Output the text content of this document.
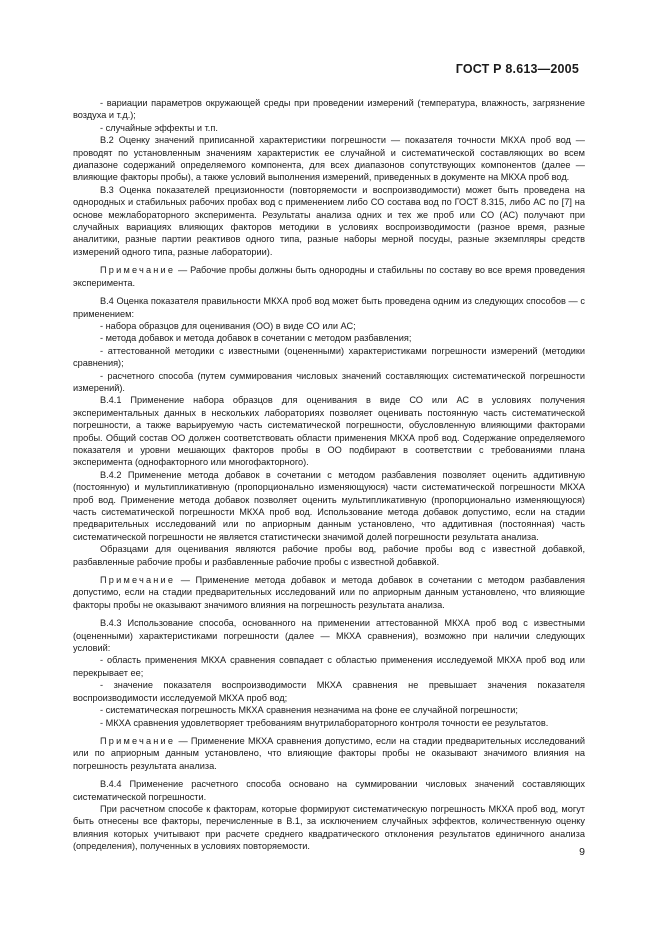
ГОСТ Р 8.613—2005

- вариации параметров окружающей среды при проведении измерений (температура, влажность, загрязнение воздуха и т.д.);

- случайные эффекты и т.п.

В.2 Оценку значений приписанной характеристики погрешности — показателя точности МКХА проб вод — проводят по установленным значениям характеристик ее случайной и систематической составляющих во всем диапазоне содержаний определяемого компонента, для всех диапазонов сопутствующих компонентов (далее — влияющие факторы пробы), а также условий выполнения измерений, приведенных в документе на МКХА проб вод.

В.3 Оценка показателей прецизионности (повторяемости и воспроизводимости) может быть проведена на однородных и стабильных рабочих пробах вод с применением либо СО состава вод по ГОСТ 8.315, либо АС по [7] на основе межлабораторного эксперимента. Результаты анализа одних и тех же проб или СО (АС) получают при случайных вариациях влияющих факторов методики в условиях воспроизводимости (разное время, разные аналитики, разные партии реактивов одного типа, разные наборы мерной посуды, разные экземпляры средств измерений одного типа, разные лаборатории).

Примечание — Рабочие пробы должны быть однородны и стабильны по составу во все время проведения эксперимента.

В.4 Оценка показателя правильности МКХА проб вод может быть проведена одним из следующих способов — с применением:

- набора образцов для оценивания (ОО) в виде СО или АС;

- метода добавок и метода добавок в сочетании с методом разбавления;

- аттестованной методики с известными (оцененными) характеристиками погрешности измерений (методики сравнения);

- расчетного способа (путем суммирования числовых значений составляющих систематической погрешности измерений).

В.4.1 Применение набора образцов для оценивания в виде СО или АС в условиях получения экспериментальных данных в нескольких лабораториях позволяет оценивать постоянную часть систематической погрешности, а также варьируемую часть систематической погрешности, обусловленную влияющими факторами пробы. Общий состав ОО должен соответствовать области применения МКХА проб вод. Содержание определяемого показателя и уровни мешающих факторов пробы в ОО подбирают в соответствии с требованиями плана эксперимента (однофакторного или многофакторного).

В.4.2 Применение метода добавок в сочетании с методом разбавления позволяет оценить аддитивную (постоянную) и мультипликативную (пропорционально изменяющуюся) части систематической погрешности МКХА проб вод. Применение метода добавок позволяет оценить мультипликативную (пропорционально изменяющуюся) часть систематической погрешности МКХА проб вод. Использование метода добавок допустимо, если на стадии предварительных исследований или по априорным данным установлено, что аддитивная (постоянная) часть систематической погрешности не является статистически значимой долей погрешности результата анализа.

Образцами для оценивания являются рабочие пробы вод, рабочие пробы вод с известной добавкой, разбавленные рабочие пробы и разбавленные рабочие пробы с известной добавкой.

Примечание — Применение метода добавок и метода добавок в сочетании с методом разбавления допустимо, если на стадии предварительных исследований или по априорным данным установлено, что влияющие факторы пробы не оказывают значимого влияния на погрешность результата анализа.

В.4.3 Использование способа, основанного на применении аттестованной МКХА проб вод с известными (оцененными) характеристиками погрешности (далее — МКХА сравнения), возможно при наличии следующих условий:

- область применения МКХА сравнения совпадает с областью применения исследуемой МКХА проб вод или перекрывает ее;

- значение показателя воспроизводимости МКХА сравнения не превышает значения показателя воспроизводимости исследуемой МКХА проб вод;

- систематическая погрешность МКХА сравнения незначима на фоне ее случайной погрешности;

- МКХА сравнения удовлетворяет требованиям внутрилабораторного контроля точности ее результатов.

Примечание — Применение МКХА сравнения допустимо, если на стадии предварительных исследований или по априорным данным установлено, что влияющие факторы пробы не оказывают значимого влияния на погрешность результата анализа.

В.4.4 Применение расчетного способа основано на суммировании числовых значений составляющих систематической погрешности.

При расчетном способе к факторам, которые формируют систематическую погрешность МКХА проб вод, могут быть отнесены все факторы, перечисленные в В.1, за исключением случайных эффектов, количественную оценку влияния которых учитывают при расчете среднего квадратического отклонения результатов единичного анализа (определения), полученных в условиях повторяемости.	9
